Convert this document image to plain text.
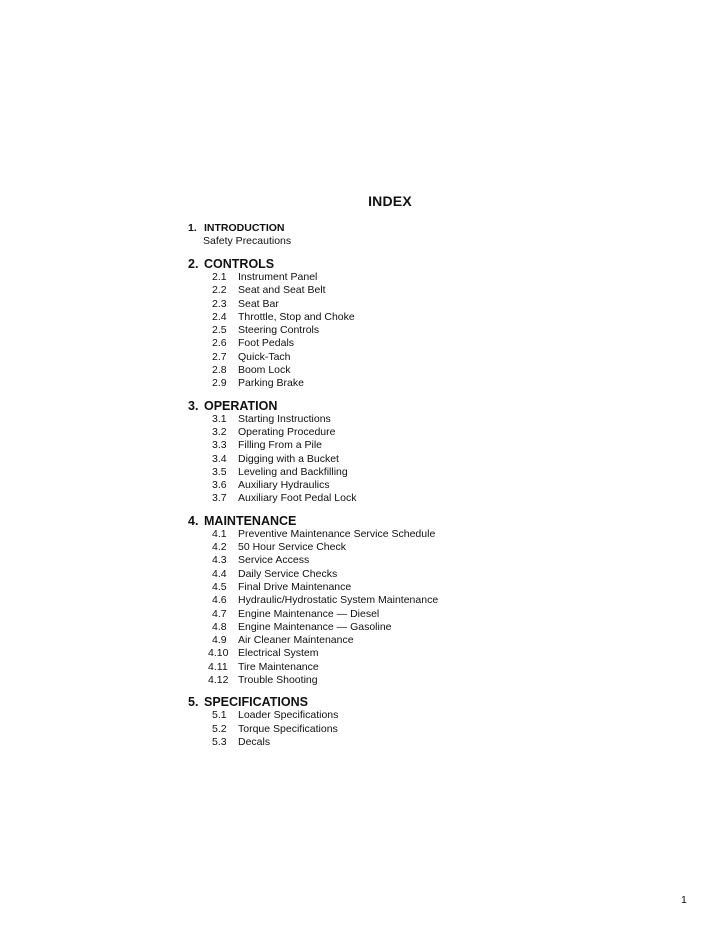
INDEX
1. INTRODUCTION
Safety Precautions
2. CONTROLS
2.1 Instrument Panel
2.2 Seat and Seat Belt
2.3 Seat Bar
2.4 Throttle, Stop and Choke
2.5 Steering Controls
2.6 Foot Pedals
2.7 Quick-Tach
2.8 Boom Lock
2.9 Parking Brake
3. OPERATION
3.1 Starting Instructions
3.2 Operating Procedure
3.3 Filling From a Pile
3.4 Digging with a Bucket
3.5 Leveling and Backfilling
3.6 Auxiliary Hydraulics
3.7 Auxiliary Foot Pedal Lock
4. MAINTENANCE
4.1 Preventive Maintenance Service Schedule
4.2 50 Hour Service Check
4.3 Service Access
4.4 Daily Service Checks
4.5 Final Drive Maintenance
4.6 Hydraulic/Hydrostatic System Maintenance
4.7 Engine Maintenance — Diesel
4.8 Engine Maintenance — Gasoline
4.9 Air Cleaner Maintenance
4.10 Electrical System
4.11 Tire Maintenance
4.12 Trouble Shooting
5. SPECIFICATIONS
5.1 Loader Specifications
5.2 Torque Specifications
5.3 Decals
1
